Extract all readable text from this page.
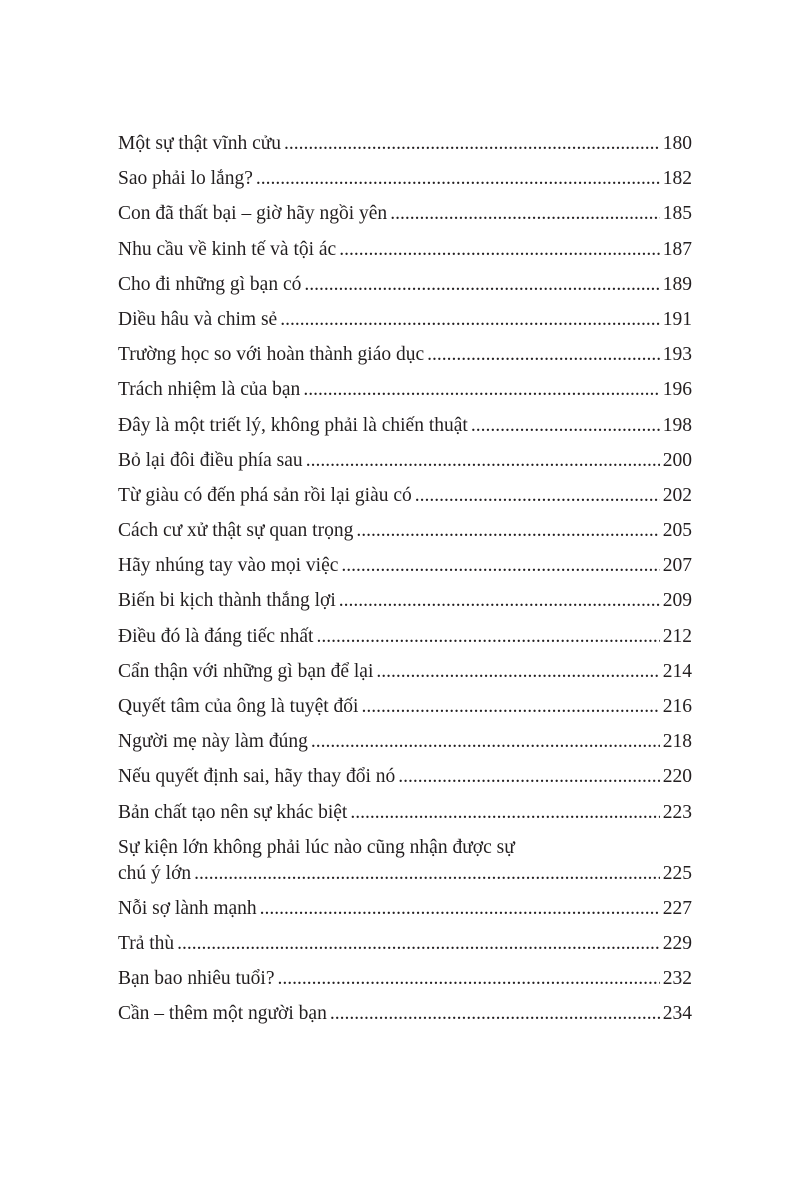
Một sự thật vĩnh cửu .....	180
Sao phải lo lắng? .....	182
Con đã thất bại – giờ hãy ngồi yên .....	185
Nhu cầu về kinh tế và tội ác .....	187
Cho đi những gì bạn có .....	189
Diều hâu và chim sẻ .....	191
Trường học so với hoàn thành giáo dục .....	193
Trách nhiệm là của bạn .....	196
Đây là một triết lý, không phải là chiến thuật .....	198
Bỏ lại đôi điều phía sau .....	200
Từ giàu có đến phá sản rồi lại giàu có .....	202
Cách cư xử thật sự quan trọng .....	205
Hãy nhúng tay vào mọi việc .....	207
Biến bi kịch thành thắng lợi .....	209
Điều đó là đáng tiếc nhất .....	212
Cẩn thận với những gì bạn để lại .....	214
Quyết tâm của ông là tuyệt đối .....	216
Người mẹ này làm đúng .....	218
Nếu quyết định sai, hãy thay đổi nó .....	220
Bản chất tạo nên sự khác biệt .....	223
Sự kiện lớn không phải lúc nào cũng nhận được sự
chú ý lớn .....	225
Nỗi sợ lành mạnh .....	227
Trả thù .....	229
Bạn bao nhiêu tuổi? .....	232
Cần – thêm một người bạn .....	234
